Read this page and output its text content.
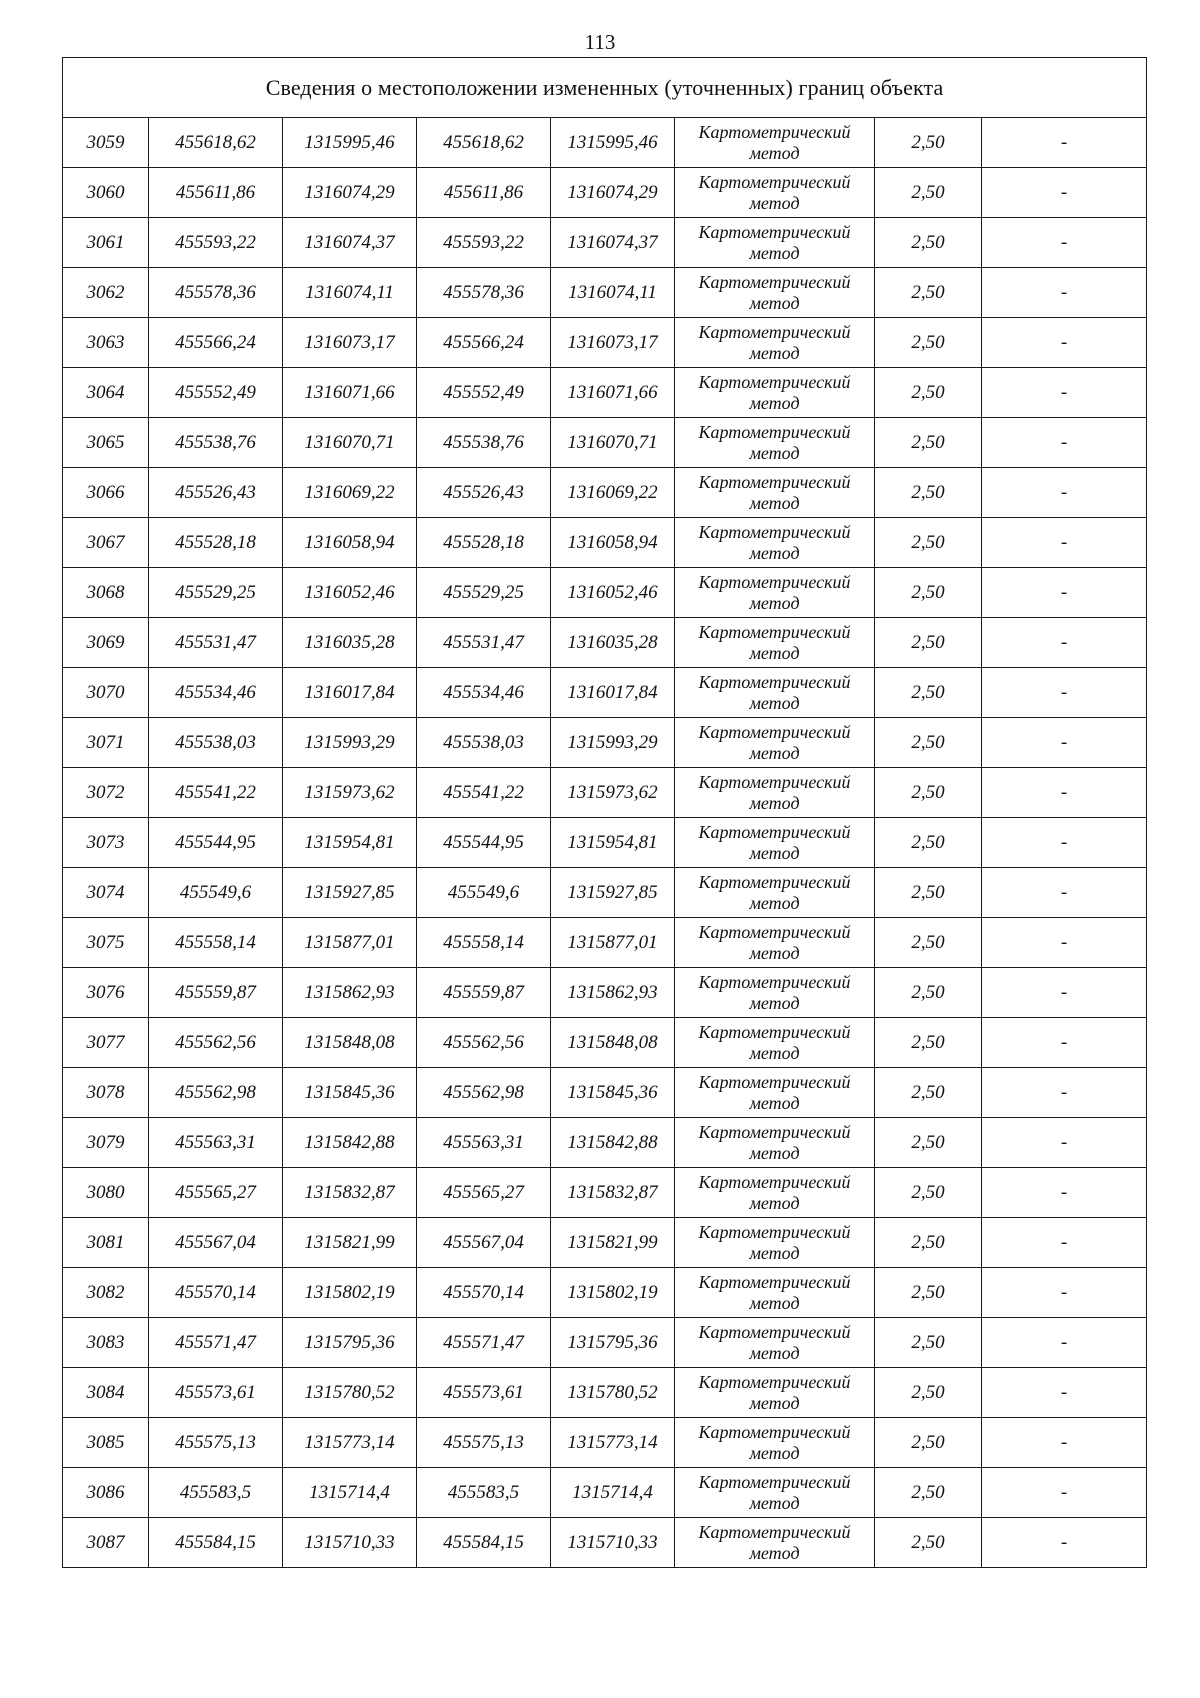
113
Сведения о местоположении измененных (уточненных) границ объекта							
3059	455618,62	1315995,46	455618,62	1315995,46	Картометрический
метод	2,50	-
3060	455611,86	1316074,29	455611,86	1316074,29	Картометрический
метод	2,50	-
3061	455593,22	1316074,37	455593,22	1316074,37	Картометрический
метод	2,50	-
3062	455578,36	1316074,11	455578,36	1316074,11	Картометрический
метод	2,50	-
3063	455566,24	1316073,17	455566,24	1316073,17	Картометрический
метод	2,50	-
3064	455552,49	1316071,66	455552,49	1316071,66	Картометрический
метод	2,50	-
3065	455538,76	1316070,71	455538,76	1316070,71	Картометрический
метод	2,50	-
3066	455526,43	1316069,22	455526,43	1316069,22	Картометрический
метод	2,50	-
3067	455528,18	1316058,94	455528,18	1316058,94	Картометрический
метод	2,50	-
3068	455529,25	1316052,46	455529,25	1316052,46	Картометрический
метод	2,50	-
3069	455531,47	1316035,28	455531,47	1316035,28	Картометрический
метод	2,50	-
3070	455534,46	1316017,84	455534,46	1316017,84	Картометрический
метод	2,50	-
3071	455538,03	1315993,29	455538,03	1315993,29	Картометрический
метод	2,50	-
3072	455541,22	1315973,62	455541,22	1315973,62	Картометрический
метод	2,50	-
3073	455544,95	1315954,81	455544,95	1315954,81	Картометрический
метод	2,50	-
3074	455549,6	1315927,85	455549,6	1315927,85	Картометрический
метод	2,50	-
3075	455558,14	1315877,01	455558,14	1315877,01	Картометрический
метод	2,50	-
3076	455559,87	1315862,93	455559,87	1315862,93	Картометрический
метод	2,50	-
3077	455562,56	1315848,08	455562,56	1315848,08	Картометрический
метод	2,50	-
3078	455562,98	1315845,36	455562,98	1315845,36	Картометрический
метод	2,50	-
3079	455563,31	1315842,88	455563,31	1315842,88	Картометрический
метод	2,50	-
3080	455565,27	1315832,87	455565,27	1315832,87	Картометрический
метод	2,50	-
3081	455567,04	1315821,99	455567,04	1315821,99	Картометрический
метод	2,50	-
3082	455570,14	1315802,19	455570,14	1315802,19	Картометрический
метод	2,50	-
3083	455571,47	1315795,36	455571,47	1315795,36	Картометрический
метод	2,50	-
3084	455573,61	1315780,52	455573,61	1315780,52	Картометрический
метод	2,50	-
3085	455575,13	1315773,14	455575,13	1315773,14	Картометрический
метод	2,50	-
3086	455583,5	1315714,4	455583,5	1315714,4	Картометрический
метод	2,50	-
3087	455584,15	1315710,33	455584,15	1315710,33	Картометрический
метод	2,50	-
